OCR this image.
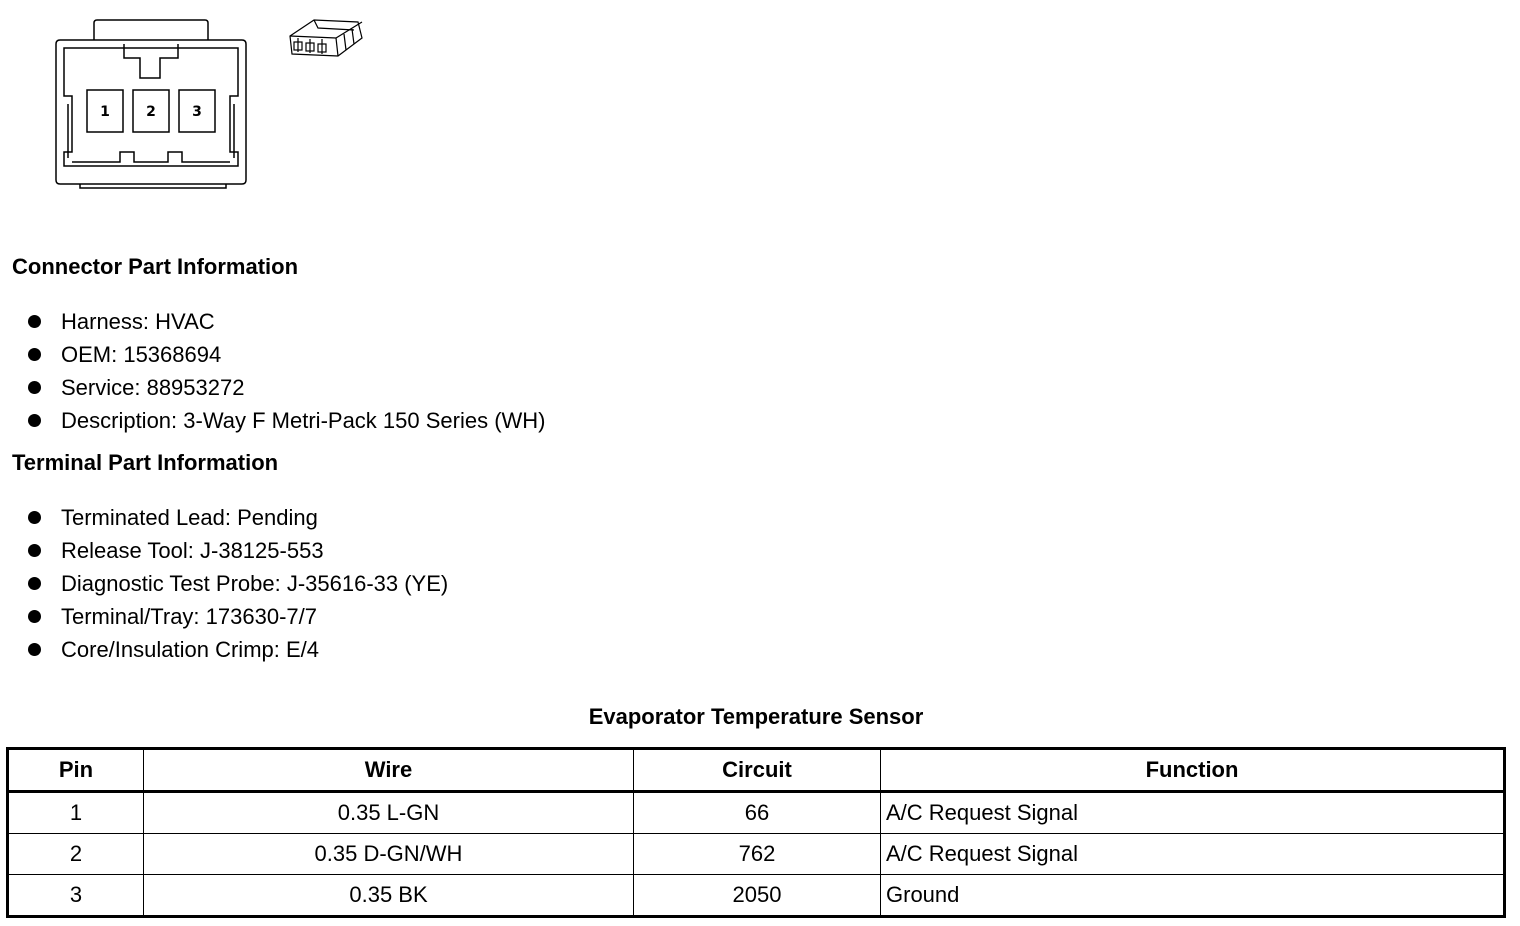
1	2	3
Connector Part Information
Harness: HVAC
OEM: 15368694
Service: 88953272
Description: 3-Way F Metri-Pack 150 Series (WH)
Terminal Part Information
Terminated Lead: Pending
Release Tool: J-38125-553
Diagnostic Test Probe: J-35616-33 (YE)
Terminal/Tray: 173630-7/7
Core/Insulation Crimp: E/4
Evaporator Temperature Sensor
Pin	Wire	Circuit	Function
1	0.35 L-GN	66	A/C Request Signal
2	0.35 D-GN/WH	762	A/C Request Signal
3	0.35 BK	2050	Ground
